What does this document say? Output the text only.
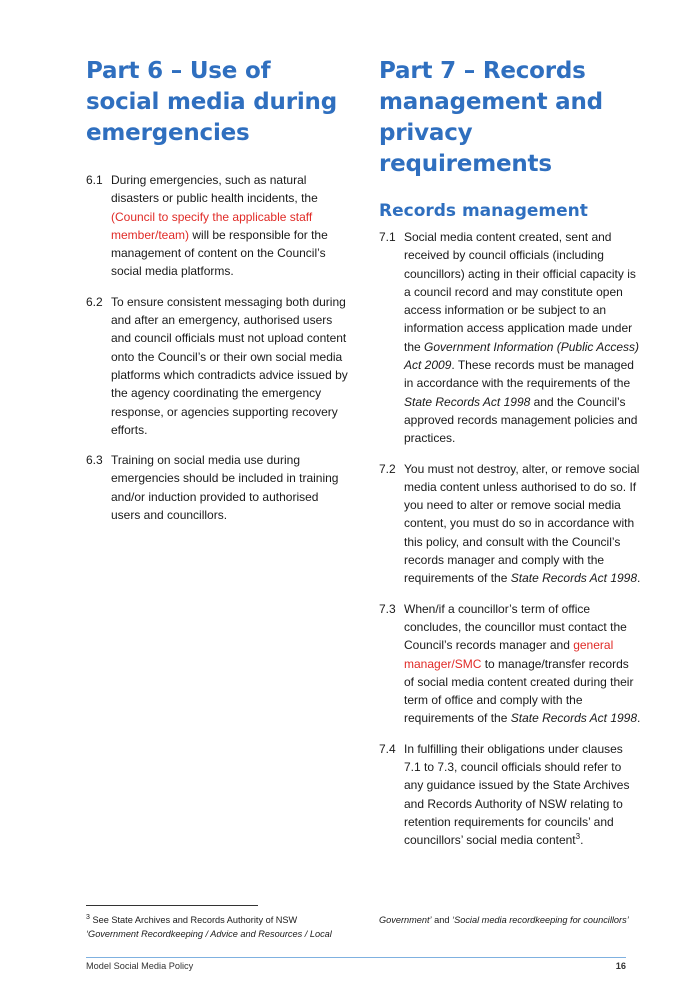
Part 6 – Use of social media during emergencies

6.1 During emergencies, such as natural disasters or public health incidents, the (Council to specify the applicable staff member/team) will be responsible for the management of content on the Council’s social media platforms.

6.2 To ensure consistent messaging both during and after an emergency, authorised users and council officials must not upload content onto the Council’s or their own social media platforms which contradicts advice issued by the agency coordinating the emergency response, or agencies supporting recovery efforts.

6.3 Training on social media use during emergencies should be included in training and/or induction provided to authorised users and councillors.

Part 7 – Records management and privacy requirements
Records management

7.1 Social media content created, sent and received by council officials (including councillors) acting in their official capacity is a council record and may constitute open access information or be subject to an information access application made under the Government Information (Public Access) Act 2009. These records must be managed in accordance with the requirements of the State Records Act 1998 and the Council’s approved records management policies and practices.

7.2 You must not destroy, alter, or remove social media content unless authorised to do so. If you need to alter or remove social media content, you must do so in accordance with this policy, and consult with the Council’s records manager and comply with the requirements of the State Records Act 1998.

7.3 When/if a councillor’s term of office concludes, the councillor must contact the Council’s records manager and general manager/SMC to manage/transfer records of social media content created during their term of office and comply with the requirements of the State Records Act 1998.

7.4 In fulfilling their obligations under clauses 7.1 to 7.3, council officials should refer to any guidance issued by the State Archives and Records Authority of NSW relating to retention requirements for councils’ and councillors’ social media content$^3$.

$^3$ See State Archives and Records Authority of NSW
‘Government Recordkeeping / Advice and Resources / Local
Government’ and ‘Social media recordkeeping for councillors’
Model Social Media Policy	16
